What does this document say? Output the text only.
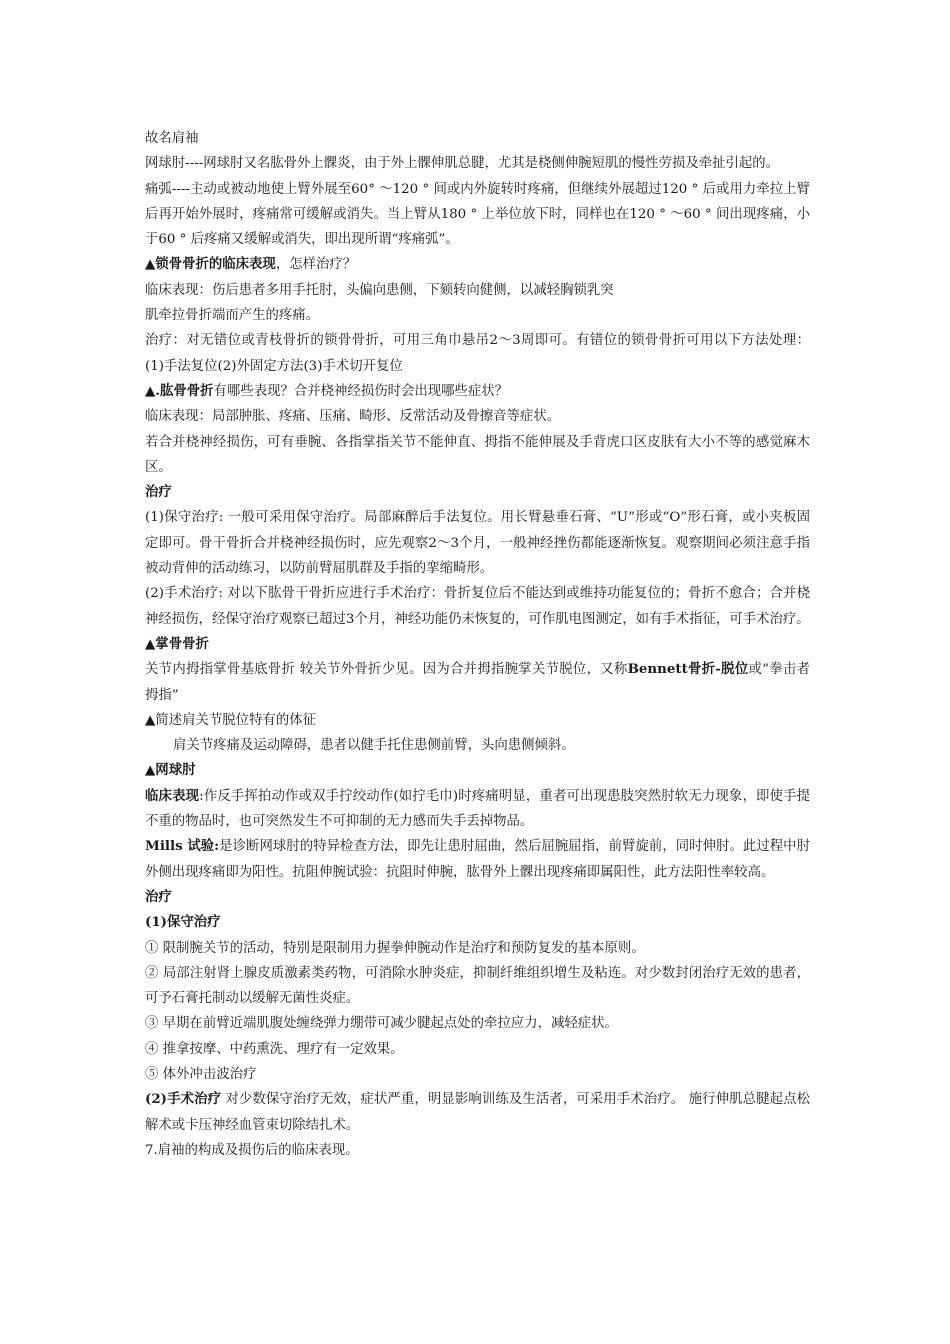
故名肩袖

网球肘----网球肘又名肱骨外上髁炎，由于外上髁伸肌总腱，尤其是桡侧伸腕短肌的慢性劳损及牵扯引起的。

痛弧----主动或被动地使上臂外展至60° ～120 ° 间或内外旋转时疼痛，但继续外展超过120 ° 后或用力牵拉上臂后再开始外展时，疼痛常可缓解或消失。当上臂从180 ° 上举位放下时，同样也在120 ° ～60 ° 间出现疼痛，小于60 ° 后疼痛又缓解或消失，即出现所谓“疼痛弧”。

▲锁骨骨折的临床表现，怎样治疗？

临床表现：伤后患者多用手托肘，头偏向患侧，下颏转向健侧，以减轻胸锁乳突

肌牵拉骨折端而产生的疼痛。

治疗：对无错位或青枝骨折的锁骨骨折，可用三角巾悬吊2～3周即可。有错位的锁骨骨折可用以下方法处理：(1)手法复位(2)外固定方法(3)手术切开复位

▲.肱骨骨折有哪些表现？合并桡神经损伤时会出现哪些症状？

临床表现：局部肿胀、疼痛、压痛、畸形、反常活动及骨擦音等症状。

若合并桡神经损伤，可有垂腕、各指掌指关节不能伸直、拇指不能伸展及手背虎口区皮肤有大小不等的感觉麻木区。

治疗

(1)保守治疗: 一般可采用保守治疗。局部麻醉后手法复位。用长臂悬垂石膏、“U”形或“O”形石膏，或小夹板固定即可。骨干骨折合并桡神经损伤时，应先观察2～3个月，一般神经挫伤都能逐渐恢复。观察期间必须注意手指被动背伸的活动练习，以防前臂屈肌群及手指的挛缩畸形。

(2)手术治疗: 对以下肱骨干骨折应进行手术治疗：骨折复位后不能达到或维持功能复位的；骨折不愈合；合并桡神经损伤，经保守治疗观察已超过3个月，神经功能仍未恢复的，可作肌电图测定，如有手术指征，可手术治疗。

▲掌骨骨折

关节内拇指掌骨基底骨折 较关节外骨折少见。因为合并拇指腕掌关节脱位，又称Bennett骨折-脱位或“拳击者拇指”

▲简述肩关节脱位特有的体征

肩关节疼痛及运动障碍，患者以健手托住患侧前臂，头向患侧倾斜。

▲网球肘

临床表现:作反手挥拍动作或双手拧绞动作(如拧毛巾)时疼痛明显，重者可出现患肢突然肘软无力现象，即使手提不重的物品时，也可突然发生不可抑制的无力感而失手丢掉物品。

Mills 试验:是诊断网球肘的特异检查方法，即先让患肘屈曲，然后屈腕屈指，前臂旋前，同时伸肘。此过程中肘外侧出现疼痛即为阳性。抗阻伸腕试验：抗阻时伸腕，肱骨外上髁出现疼痛即属阳性，此方法阳性率较高。

治疗

(1)保守治疗

① 限制腕关节的活动，特别是限制用力握拳伸腕动作是治疗和预防复发的基本原则。

② 局部注射肾上腺皮质激素类药物，可消除水肿炎症，抑制纤维组织增生及粘连。对少数封闭治疗无效的患者，可予石膏托制动以缓解无菌性炎症。

③ 早期在前臂近端肌腹处缠绕弹力绷带可减少腱起点处的牵拉应力，减轻症状。

④ 推拿按摩、中药熏洗、理疗有一定效果。

⑤ 体外冲击波治疗

(2)手术治疗 对少数保守治疗无效，症状严重，明显影响训练及生活者，可采用手术治疗。 施行伸肌总腱起点松解术或卡压神经血管束切除结扎术。

7.肩袖的构成及损伤后的临床表现。
